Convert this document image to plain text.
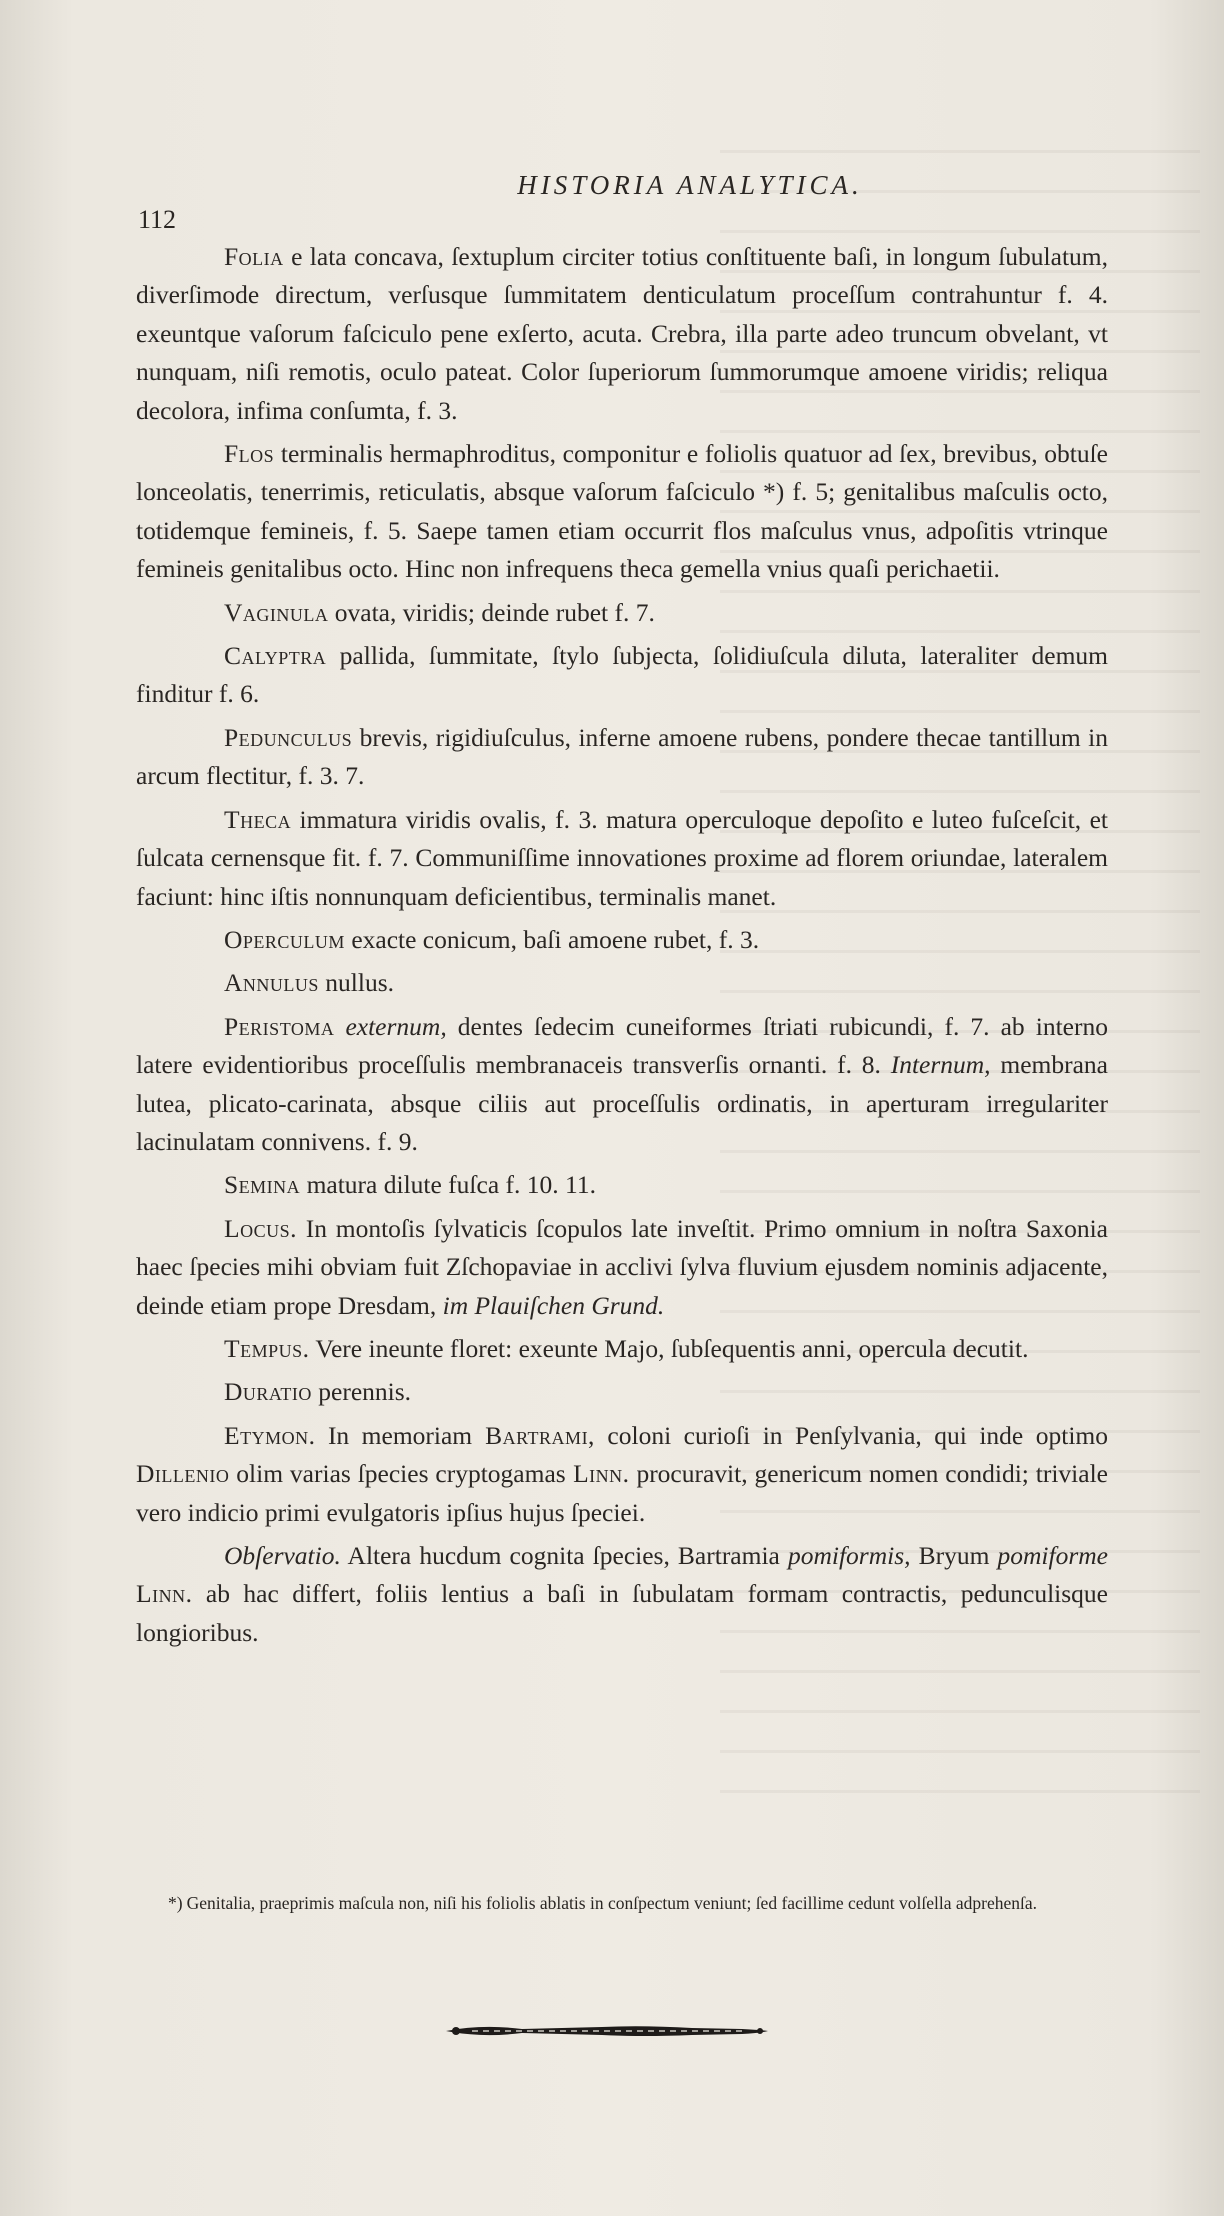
HISTORIA ANALYTICA.
112

Folia e lata concava, ſextuplum circiter totius conſtituente baſi, in longum ſubulatum, diverſimode directum, verſusque ſummitatem denticulatum proceſſum contrahuntur f. 4. exeuntque vaſorum faſciculo pene exſerto, acuta. Crebra, illa parte adeo truncum obvelant, vt nunquam, niſi remotis, oculo pateat. Color ſuperiorum ſummorumque amoene viridis; reliqua decolora, infima conſumta, f. 3.

Flos terminalis hermaphroditus, componitur e foliolis quatuor ad ſex, brevibus, obtuſe lonceolatis, tenerrimis, reticulatis, absque vaſorum faſciculo *) f. 5; genitalibus maſculis octo, totidemque femineis, f. 5. Saepe tamen etiam occurrit flos maſculus vnus, adpoſitis vtrinque femineis genitalibus octo. Hinc non infrequens theca gemella vnius quaſi perichaetii.

Vaginula ovata, viridis; deinde rubet f. 7.

Calyptra pallida, ſummitate, ſtylo ſubjecta, ſolidiuſcula diluta, lateraliter demum finditur f. 6.

Pedunculus brevis, rigidiuſculus, inferne amoene rubens, pondere thecae tantillum in arcum flectitur, f. 3. 7.

Theca immatura viridis ovalis, f. 3. matura operculoque depoſito e luteo fuſceſcit, et ſulcata cernensque fit. f. 7. Communiſſime innovationes proxime ad florem oriundae, lateralem faciunt: hinc iſtis nonnunquam deficientibus, terminalis manet.

Operculum exacte conicum, baſi amoene rubet, f. 3.

Annulus nullus.

Peristoma externum, dentes ſedecim cuneiformes ſtriati rubicundi, f. 7. ab interno latere evidentioribus proceſſulis membranaceis transverſis ornanti. f. 8. Internum, membrana lutea, plicato-carinata, absque ciliis aut proceſſulis ordinatis, in aperturam irregulariter lacinulatam connivens. f. 9.

Semina matura dilute fuſca f. 10. 11.

Locus. In montoſis ſylvaticis ſcopulos late inveſtit. Primo omnium in noſtra Saxonia haec ſpecies mihi obviam fuit Zſchopaviae in acclivi ſylva fluvium ejusdem nominis adjacente, deinde etiam prope Dresdam, im Plauiſchen Grund.

Tempus. Vere ineunte floret: exeunte Majo, ſubſequentis anni, opercula decutit.

Duratio perennis.

Etymon. In memoriam Bartrami, coloni curioſi in Penſylvania, qui inde optimo Dillenio olim varias ſpecies cryptogamas Linn. procuravit, genericum nomen condidi; triviale vero indicio primi evulgatoris ipſius hujus ſpeciei.

Obſervatio. Altera hucdum cognita ſpecies, Bartramia pomiformis, Bryum pomiforme Linn. ab hac differt, foliis lentius a baſi in ſubulatam formam contractis, pedunculisque longioribus.

*) Genitalia, praeprimis maſcula non, niſi his foliolis ablatis in conſpectum veniunt; ſed facillime cedunt volſella adprehenſa.
